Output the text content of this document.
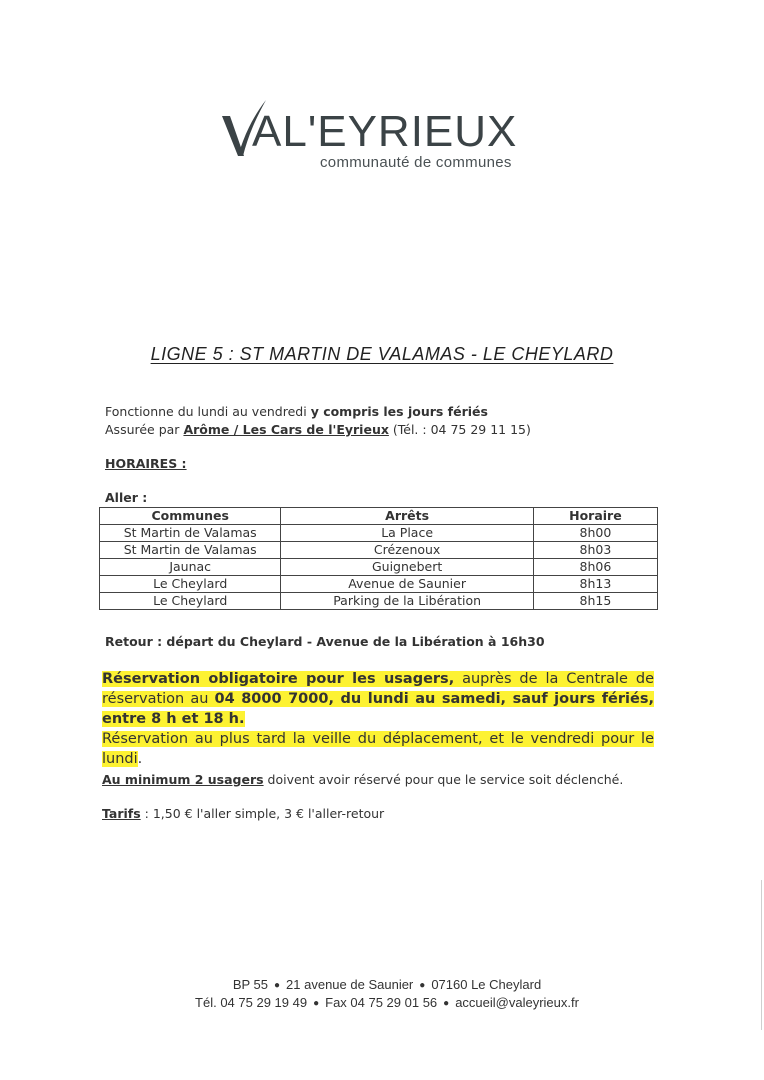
AL'EYRIEUX
communauté de communes
LIGNE 5 : ST MARTIN DE VALAMAS - LE CHEYLARD
Fonctionne du lundi au vendredi y compris les jours fériés
Assurée par Arôme / Les Cars de l'Eyrieux (Tél. : 04 75 29 11 15)
HORAIRES :
Aller :
Communes	Arrêts	Horaire
St Martin de Valamas	La Place	8h00
St Martin de Valamas	Crézenoux	8h03
Jaunac	Guignebert	8h06
Le Cheylard	Avenue de Saunier	8h13
Le Cheylard	Parking de la Libération	8h15
Retour : départ du Cheylard - Avenue de la Libération à 16h30
Réservation obligatoire pour les usagers, auprès de la Centrale de réservation au 04 8000 7000, du lundi au samedi, sauf jours fériés, entre 8 h et 18 h.
Réservation au plus tard la veille du déplacement, et le vendredi pour le lundi.
Au minimum 2 usagers doivent avoir réservé pour que le service soit déclenché.
Tarifs : 1,50 € l'aller simple, 3 € l'aller-retour
BP 55 ● 21 avenue de Saunier ● 07160 Le Cheylard
Tél. 04 75 29 19 49 ● Fax 04 75 29 01 56 ● accueil@valeyrieux.fr
